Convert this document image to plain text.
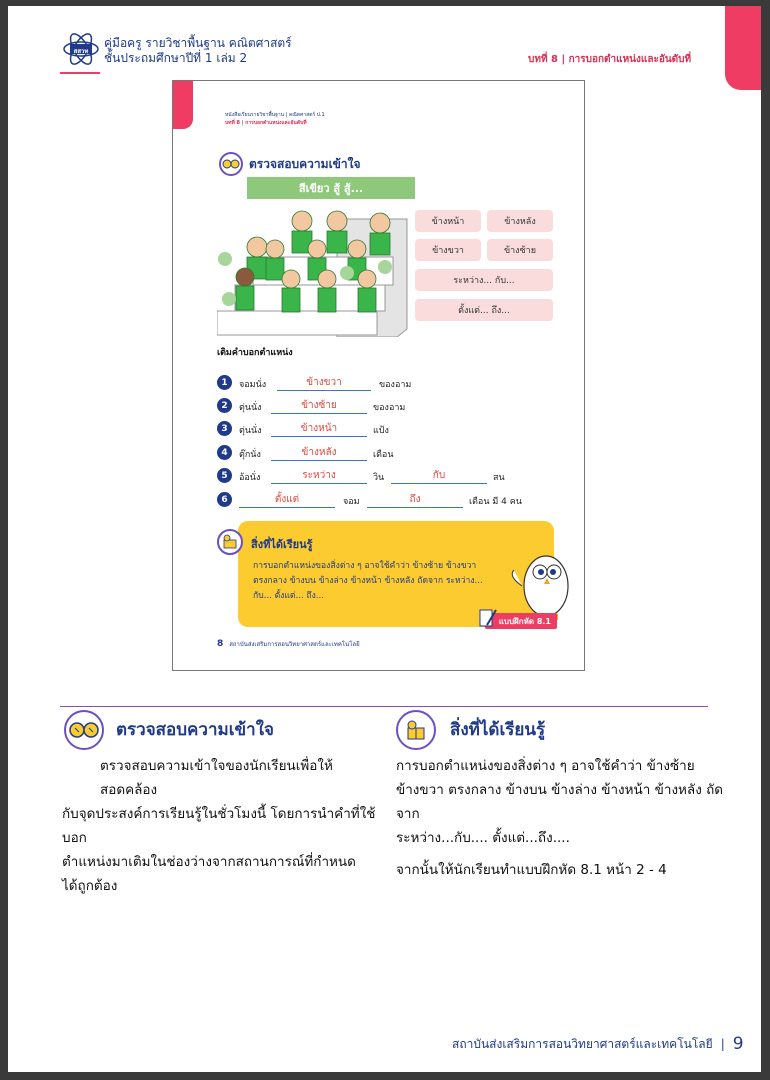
สสวท
คู่มือครู รายวิชาพื้นฐาน คณิตศาสตร์
ชั้นประถมศึกษาปีที่ 1 เล่ม 2	บทที่ 8 | การบอกตำแหน่งและอันดับที่
หนังสือเรียนรายวิชาพื้นฐาน | คณิตศาสตร์ ป.1
บทที่ 8 | การบอกตำแหน่งและอันดับที่
ตรวจสอบความเข้าใจ
สีเขียว สู้ สู้...
ข้างหน้า	ข้างหลัง
ข้างขวา	ข้างซ้าย
ระหว่าง... กับ...
ตั้งแต่... ถึง...
เติมคำบอกตำแหน่ง
1	จอมนั่ง	ข้างขวา	ของอาม
2	ตุ่นนั่ง	ข้างซ้าย	ของอาม
3	ตุ่นนั่ง	ข้างหน้า	แป้ง
4	ตุ๊กนั่ง	ข้างหลัง	เดือน
5	อ้อนั่ง	ระหว่าง	วิน	กับ	สน
6	ตั้งแต่	จอม	ถึง	เดือน มี 4 คน
สิ่งที่ได้เรียนรู้
การบอกตำแหน่งของสิ่งต่าง ๆ อาจใช้คำว่า ข้างซ้าย ข้างขวา ตรงกลาง ข้างบน ข้างล่าง ข้างหน้า ข้างหลัง ถัดจาก ระหว่าง... กับ... ตั้งแต่... ถึง...
แบบฝึกหัด 8.1
8 สถาบันส่งเสริมการสอนวิทยาศาสตร์และเทคโนโลยี
ตรวจสอบความเข้าใจ
ตรวจสอบความเข้าใจของนักเรียนเพื่อให้สอดคล้อง
กับจุดประสงค์การเรียนรู้ในชั่วโมงนี้ โดยการนำคำที่ใช้บอก
ตำแหน่งมาเติมในช่องว่างจากสถานการณ์ที่กำหนด
ได้ถูกต้อง
สิ่งที่ได้เรียนรู้
การบอกตำแหน่งของสิ่งต่าง ๆ อาจใช้คำว่า ข้างซ้าย
ข้างขวา ตรงกลาง ข้างบน ข้างล่าง ข้างหน้า ข้างหลัง ถัดจาก
ระหว่าง...กับ.... ตั้งแต่...ถึง....
จากนั้นให้นักเรียนทำแบบฝึกหัด 8.1 หน้า 2 - 4
สถาบันส่งเสริมการสอนวิทยาศาสตร์และเทคโนโลยี | 9
